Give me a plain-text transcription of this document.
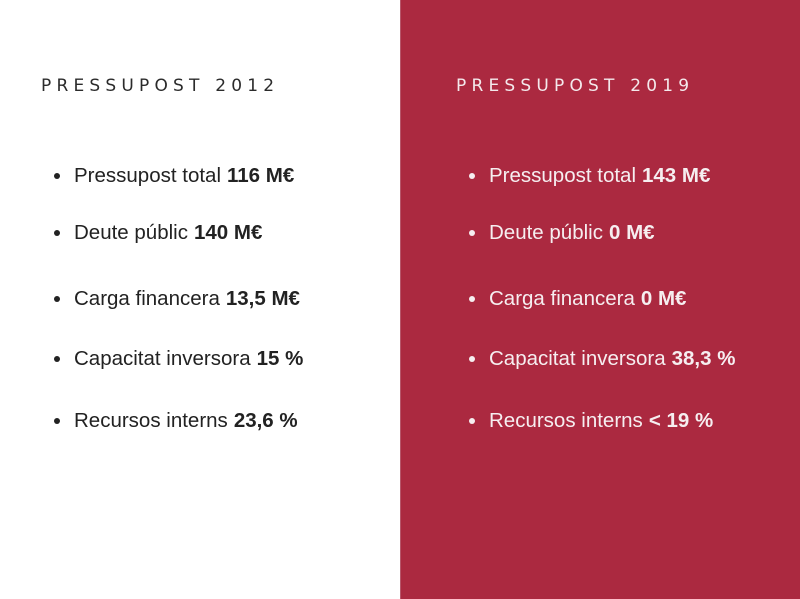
PRESSUPOST 2012
Pressupost total 116 M€
Deute públic 140 M€
Carga financera 13,5 M€
Capacitat inversora 15 %
Recursos interns 23,6 %
PRESSUPOST 2019
Pressupost total 143 M€
Deute públic 0 M€
Carga financera 0 M€
Capacitat inversora 38,3 %
Recursos interns < 19 %
